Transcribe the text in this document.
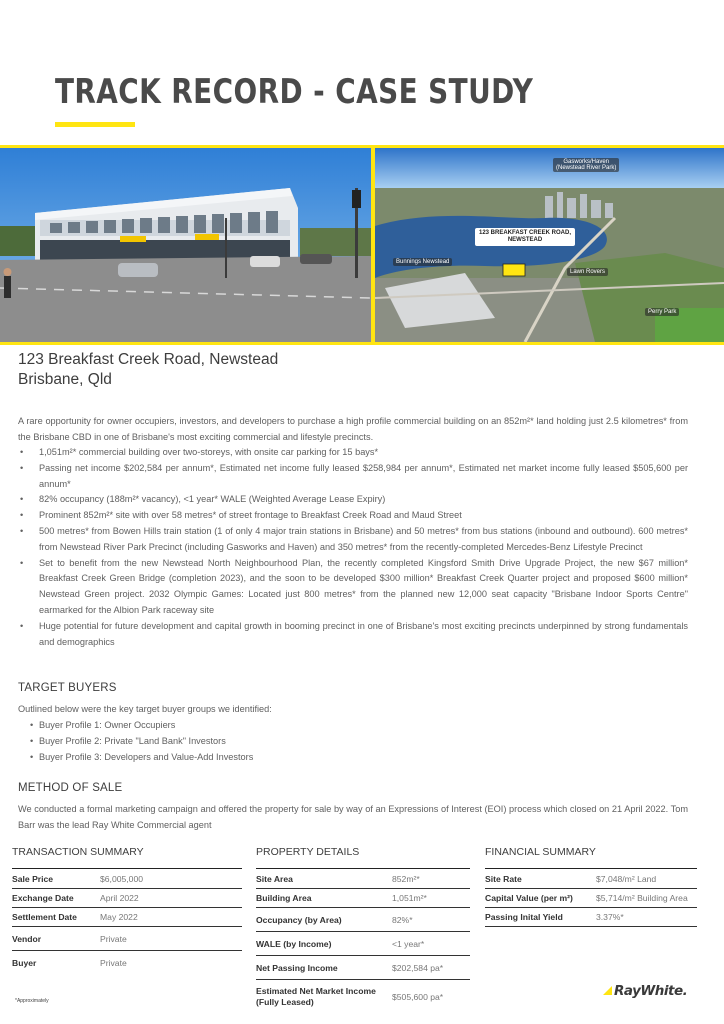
TRACK RECORD - CASE STUDY
Gasworks/Haven
(Newstead River Park)
123 BREAKFAST CREEK ROAD,
NEWSTEAD
Bunnings Newstead
Lawn Rovers
Perry Park
123 Breakfast Creek Road, Newstead
Brisbane, Qld
A rare opportunity for owner occupiers, investors, and developers to purchase a high profile commercial building on an 852m²* land holding just 2.5 kilometres* from the Brisbane CBD in one of Brisbane's most exciting commercial and lifestyle precincts.
• 1,051m²* commercial building over two-storeys, with onsite car parking for 15 bays*
• Passing net income $202,584 per annum*, Estimated net income fully leased $258,984 per annum*, Estimated net market income fully leased $505,600 per annum*
• 82% occupancy (188m²* vacancy), <1 year* WALE (Weighted Average Lease Expiry)
• Prominent 852m²* site with over 58 metres* of street frontage to Breakfast Creek Road and Maud Street
• 500 metres* from Bowen Hills train station (1 of only 4 major train stations in Brisbane) and 50 metres* from bus stations (inbound and outbound). 600 metres* from Newstead River Park Precinct (including Gasworks and Haven) and 350 metres* from the recently-completed Mercedes-Benz Lifestyle Precinct
• Set to benefit from the new Newstead North Neighbourhood Plan, the recently completed Kingsford Smith Drive Upgrade Project, the new $67 million* Breakfast Creek Green Bridge (completion 2023), and the soon to be developed $300 million* Breakfast Creek Quarter project and proposed $600 million* Newstead Green project. 2032 Olympic Games: Located just 800 metres* from the planned new 12,000 seat capacity "Brisbane Indoor Sports Centre" earmarked for the Albion Park raceway site
• Huge potential for future development and capital growth in booming precinct in one of Brisbane's most exciting precincts underpinned by strong fundamentals and demographics
TARGET BUYERS
Outlined below were the key target buyer groups we identified:
• Buyer Profile 1: Owner Occupiers
• Buyer Profile 2: Private "Land Bank" Investors
• Buyer Profile 3: Developers and Value-Add Investors
METHOD OF SALE
We conducted a formal marketing campaign and offered the property for sale by way of an Expressions of Interest (EOI) process which closed on 21 April 2022. Tom Barr was the lead Ray White Commercial agent
TRANSACTION SUMMARY
Sale Price	$6,005,000
Exchange Date	April 2022
Settlement Date	May 2022
Vendor	Private
Buyer	Private
PROPERTY DETAILS
Site Area	852m²*
Building Area	1,051m²*
Occupancy (by Area)	82%*
WALE (by Income)	<1 year*
Net Passing Income	$202,584 pa*
Estimated Net Market Income (Fully Leased)	$505,600 pa*
FINANCIAL SUMMARY
Site Rate	$7,048/m² Land
Capital Value (per m²)	$5,714/m² Building Area
Passing Inital Yield	3.37%*
*Approximately
RayWhite.
